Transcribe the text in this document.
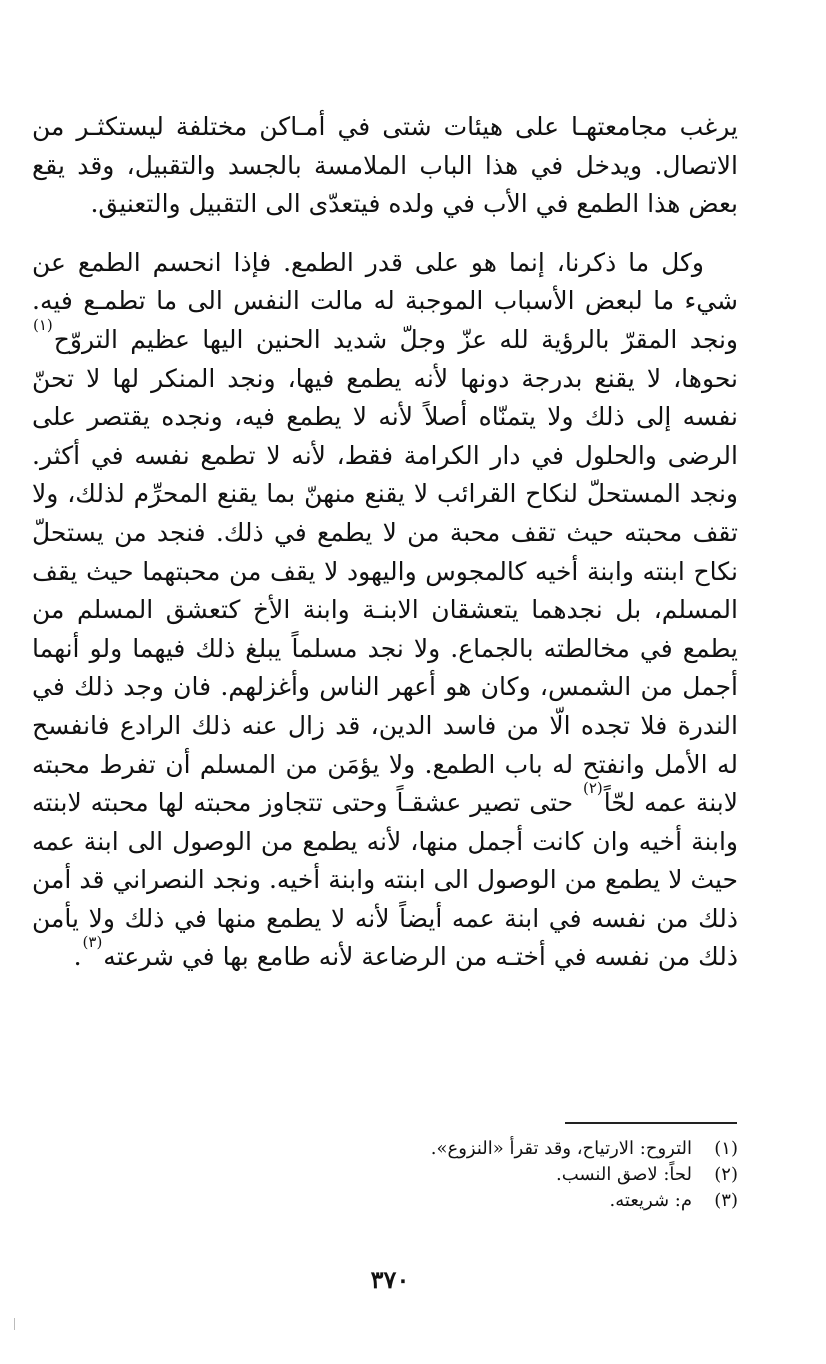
يرغب مجامعتهـا على هيئات شتى في أمـاكن مختلفة ليستكثـر من الاتصال. ويدخل في هذا الباب الملامسة بالجسد والتقبيل، وقد يقع بعض هذا الطمع في الأب في ولده فيتعدّى الى التقبيل والتعنيق.

وكل ما ذكرنا، إنما هو على قدر الطمع. فإذا انحسم الطمع عن شيء ما لبعض الأسباب الموجبة له مالت النفس الى ما تطمـع فيه. ونجد المقرّ بالرؤية لله عزّ وجلّ شديد الحنين اليها عظيم التروّح$^{(١)}$ نحوها، لا يقنع بدرجة دونها لأنه يطمع فيها، ونجد المنكر لها لا تحنّ نفسه إلى ذلك ولا يتمنّاه أصلاً لأنه لا يطمع فيه، ونجده يقتصر على الرضى والحلول في دار الكرامة فقط، لأنه لا تطمع نفسه في أكثر. ونجد المستحلّ لنكاح القرائب لا يقنع منهنّ بما يقنع المحرِّم لذلك، ولا تقف محبته حيث تقف محبة من لا يطمع في ذلك. فنجد من يستحلّ نكاح ابنته وابنة أخيه كالمجوس واليهود لا يقف من محبتهما حيث يقف المسلم، بل نجدهما يتعشقان الابنـة وابنة الأخ كتعشق المسلم من يطمع في مخالطته بالجماع. ولا نجد مسلماً يبلغ ذلك فيهما ولو أنهما أجمل من الشمس، وكان هو أعهر الناس وأغزلهم. فان وجد ذلك في الندرة فلا تجده الّا من فاسد الدين، قد زال عنه ذلك الرادع فانفسح له الأمل وانفتح له باب الطمع. ولا يؤمَن من المسلم أن تفرط محبته لابنة عمه لحّاً$^{(٢)}$ حتى تصير عشقـاً وحتى تتجاوز محبته لها محبته لابنته وابنة أخيه وان كانت أجمل منها، لأنه يطمع من الوصول الى ابنة عمه حيث لا يطمع من الوصول الى ابنته وابنة أخيه. ونجد النصراني قد أمن ذلك من نفسه في ابنة عمه أيضاً لأنه لا يطمع منها في ذلك ولا يأمن ذلك من نفسه في أختـه من الرضاعة لأنه طامع بها في شرعته$^{(٣)}$.

(١)
التروح: الارتياح، وقد تقرأ «النزوع».
(٢)
لحاً: لاصق النسب.
(٣)
م: شريعته.
٣٧٠
